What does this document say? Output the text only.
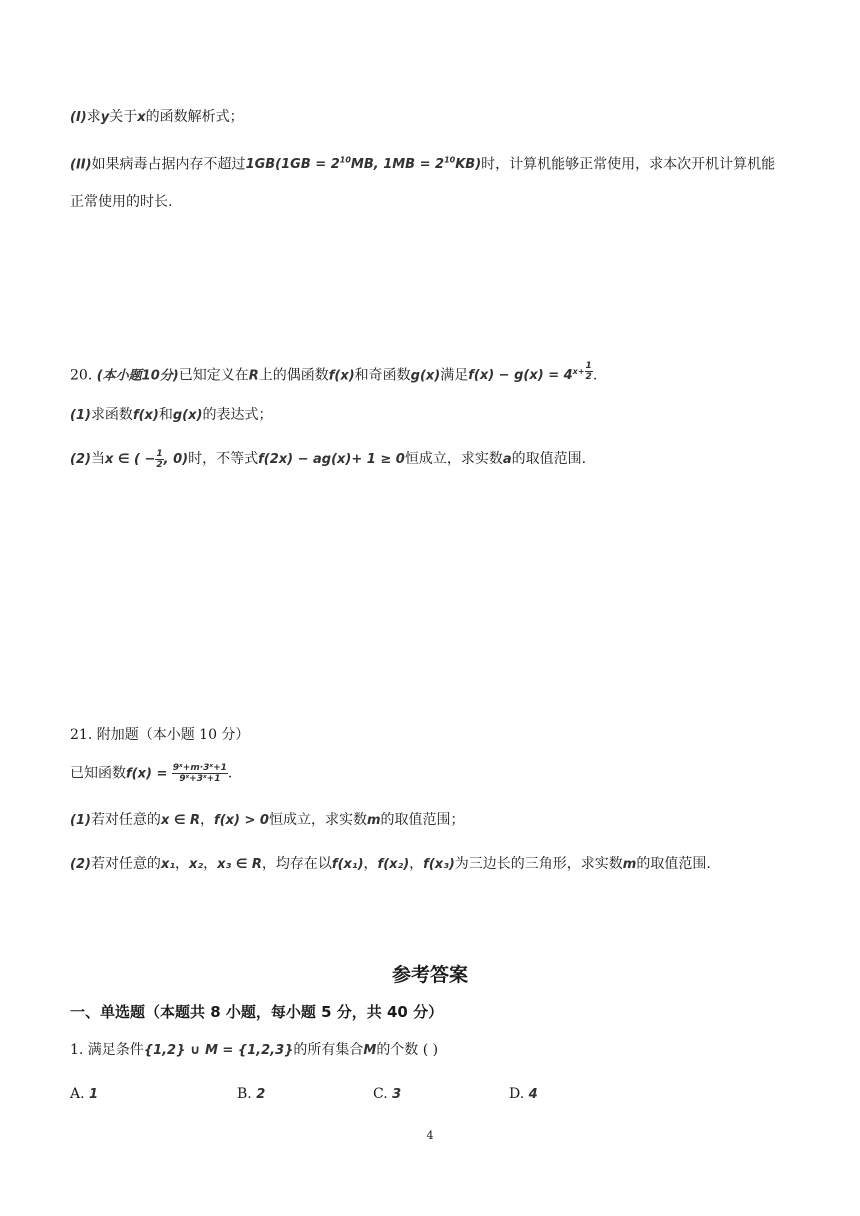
(I)求y关于x的函数解析式；
(II)如果病毒占据内存不超过$1GB(1GB = 2^{10}MB$, $1MB = 2^{10}KB$)时，计算机能够正常使用，求本次开机计算机能
正常使用的时长.
20. (本小题10分)已知定义在R上的偶函数f(x)和奇函数g(x)满足$f(x) - g(x) = 4^{x+ \frac{1}{2}}$ .
(1)求函数f(x)和g(x)的表达式；
(2)当x ∈ ( − $\frac{1}{2}$ , 0)时，不等式f(2x) − ag(x)+ 1 ≥ 0恒成立，求实数a的取值范围.
21. 附加题（本小题 10 分）
已知函数$f(x) = \frac{\text{9ˣ+m·3ˣ+1}}{\text{9ˣ+3ˣ+1}}$ .
(1)若对任意的x ∈ R，f(x) > 0恒成立，求实数m的取值范围；
(2)若对任意的x₁，x₂，x₃ ∈ R，均存在以f(x₁)，f(x₂)，f(x₃)为三边长的三角形，求实数m的取值范围.
参考答案
一、单选题（本题共 8 小题，每小题 5 分，共 40 分）
1. 满足条件{1,2} ∪ M = {1,2,3}的所有集合M的个数 ( )
A. 1	B. 2	C. 3	D. 4
4
